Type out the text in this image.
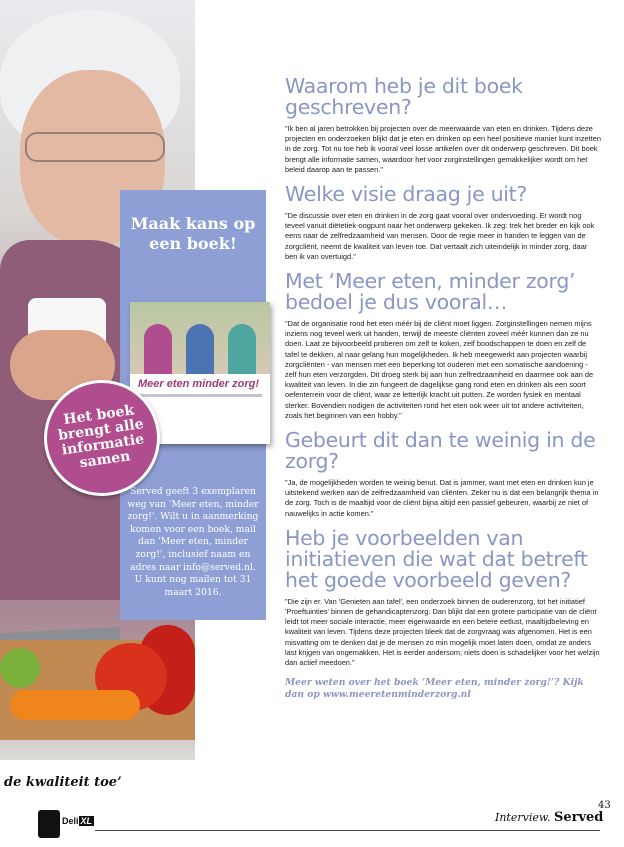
Maak kans op een boek!
Meer eten minder zorg!
Served geeft 3 exemplaren weg van 'Meer eten, minder zorg!'. Wilt u in aanmerking komen voor een boek, mail dan 'Meer eten, minder zorg!', inclusief naam en adres naar info@served.nl. U kunt nog mailen tot 31 maart 2016.
Het boek brengt alle informatie samen
Waarom heb je dit boek geschreven?
"Ik ben al jaren betrokken bij projecten over de meerwaarde van eten en drinken. Tijdens deze projecten en onderzoeken blijkt dat je eten en drinken op een heel positieve manier kunt inzetten in de zorg. Tot nu toe heb ik vooral veel losse artikelen over dit onderwerp geschreven. Dit boek brengt alle informatie samen, waardoor het voor zorginstellingen gemakkelijker wordt om het beleid daarop aan te passen."
Welke visie draag je uit?
"De discussie over eten en drinken in de zorg gaat vooral over ondervoeding. Er wordt nog teveel vanuit diëtetiek-oogpunt naar het onderwerp gekeken. Ik zeg: trek het breder en kijk ook eens naar de zelfredzaamheid van mensen. Door de regie meer in handen te leggen van de zorgcliënt, neemt de kwaliteit van leven toe. Dat vertaalt zich uiteindelijk in minder zorg, daar ben ik van overtuigd."
Met ‘Meer eten, minder zorg’ bedoel je dus vooral…
"Dat de organisatie rond het eten méér bij de cliënt moet liggen. Zorginstellingen nemen mijns inziens nog teveel werk uit handen, terwijl de meeste cliënten zoveel méér kunnen dan ze nu doen. Laat ze bijvoorbeeld proberen om zelf te koken, zelf boodschappen te doen en zelf de tafel te dekken, al naar gelang hun mogelijkheden. Ik heb meegewerkt aan projecten waarbij zorgcliënten - van mensen met een beperking tot ouderen met een somatische aandoening - zelf hun eten verzorgden. Dit droeg sterk bij aan hun zelfredzaamheid en daarmee ook aan de kwaliteit van leven. In die zin fungeert de dagelijkse gang rond eten en drinken als een soort oefenterrein voor de cliënt, waar ze letterlijk kracht uit putten. Ze worden fysiek en mentaal sterker. Bovendien nodigen de activiteiten rond het eten ook weer uit tot andere activiteiten, zoals het beginnen van een hobby."
Gebeurt dit dan te weinig in de zorg?
"Ja, de mogelijkheden worden te weinig benut. Dat is jammer, want met eten en drinken kun je uitstekend werken aan de zelfredzaamheid van cliënten. Zeker nu is dat een belangrijk thema in de zorg. Toch is de maaltijd voor de cliënt bijna altijd een passief gebeuren, waarbij ze niet of nauwelijks in actie komen."
Heb je voorbeelden van initiatieven die wat dat betreft het goede voorbeeld geven?
"Die zijn er. Van 'Genieten aan tafel', een onderzoek binnen de ouderenzorg, tot het initiatief 'Proeftuinties' binnen de gehandicaptenzorg. Dan blijkt dat een grotere participatie van de cliënt leidt tot meer sociale interactie, meer eigenwaarde en een betere eetlust, maaltijdbeleving en kwaliteit van leven. Tijdens deze projecten bleek dat de zorgvraag was afgenomen. Het is een misvatting om te denken dat je de mensen zo min mogelijk moet laten doen, omdat ze anders last krijgen van ongemakken. Het is eerder andersom; niets doen is schadelijker voor het welzijn dan actief meedoen."
Meer weten over het boek ‘Meer eten, minder zorg!’? Kijk dan op www.meeretenminderzorg.nl
de kwaliteit toe’
Deli XL	Interview. Served
43
